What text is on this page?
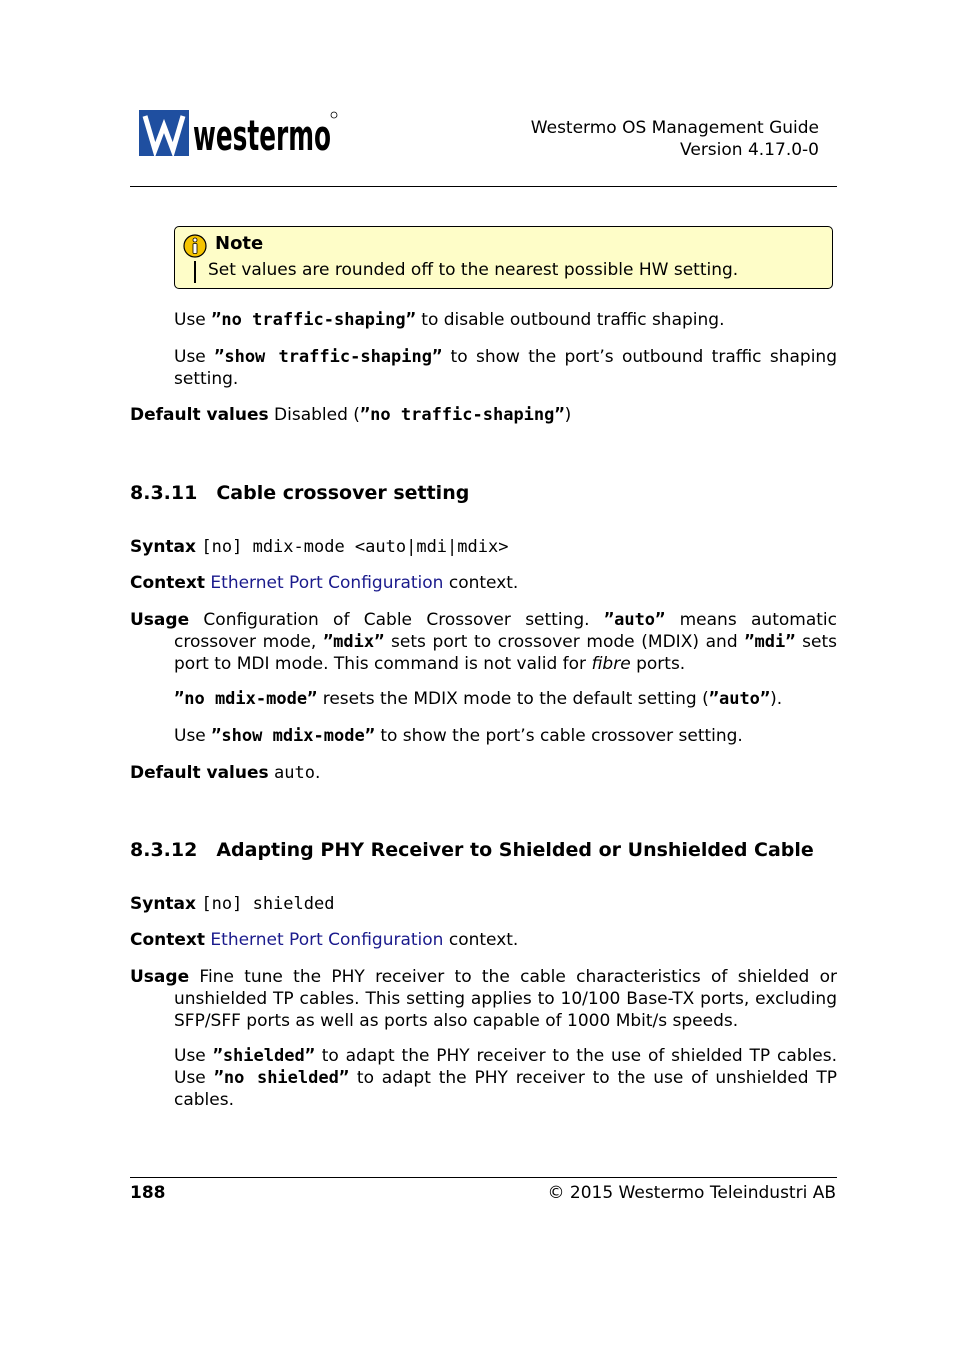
westermo	Westermo OS Management Guide
Version 4.17.0-0
Note
Set values are rounded off to the nearest possible HW setting.
Use ”no traffic-shaping” to disable outbound traffic shaping.
Use ”show traffic-shaping” to show the port’s outbound traffic shaping setting.
Default values Disabled (”no traffic-shaping”)
8.3.11 Cable crossover setting
Syntax [no] mdix-mode <auto|mdi|mdix>
Context Ethernet Port Configuration context.
Usage Configuration of Cable Crossover setting. ”auto” means automatic crossover mode, ”mdix” sets port to crossover mode (MDIX) and ”mdi” sets port to MDI mode. This command is not valid for fibre ports.
”no mdix-mode” resets the MDIX mode to the default setting (”auto”).
Use ”show mdix-mode” to show the port’s cable crossover setting.
Default values auto.
8.3.12 Adapting PHY Receiver to Shielded or Unshielded Cable
Syntax [no] shielded
Context Ethernet Port Configuration context.
Usage Fine tune the PHY receiver to the cable characteristics of shielded or unshielded TP cables. This setting applies to 10/100 Base-TX ports, excluding SFP/SFF ports as well as ports also capable of 1000 Mbit/s speeds.
Use ”shielded” to adapt the PHY receiver to the use of shielded TP cables. Use ”no shielded” to adapt the PHY receiver to the use of unshielded TP cables.
188	© 2015 Westermo Teleindustri AB
